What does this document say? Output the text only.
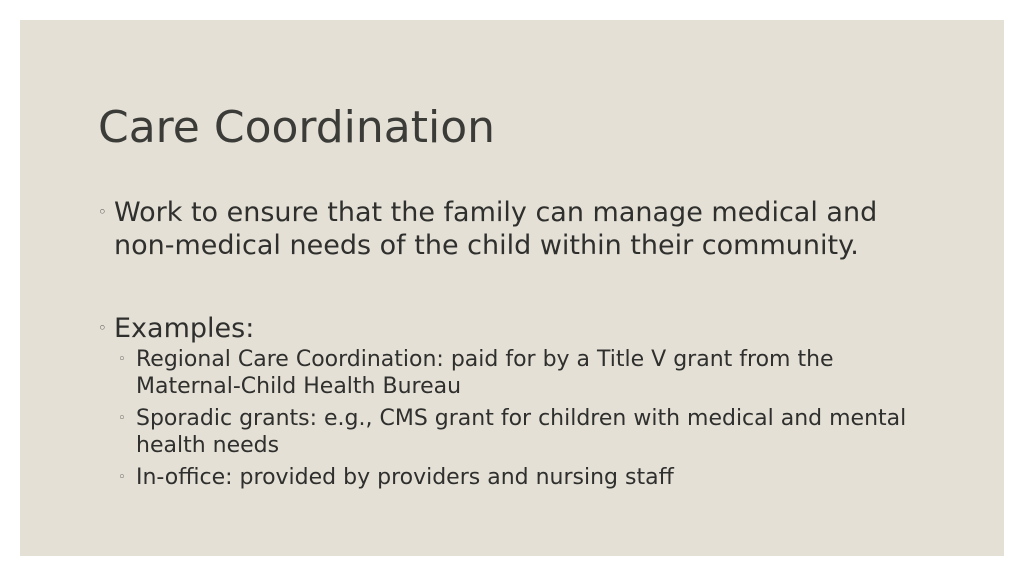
Care Coordination
◦ Work to ensure that the family can manage medical and non-medical needs of the child within their community.
◦ Examples:
◦ Regional Care Coordination: paid for by a Title V grant from the Maternal-Child Health Bureau
◦ Sporadic grants: e.g., CMS grant for children with medical and mental health needs
◦ In-office: provided by providers and nursing staff
